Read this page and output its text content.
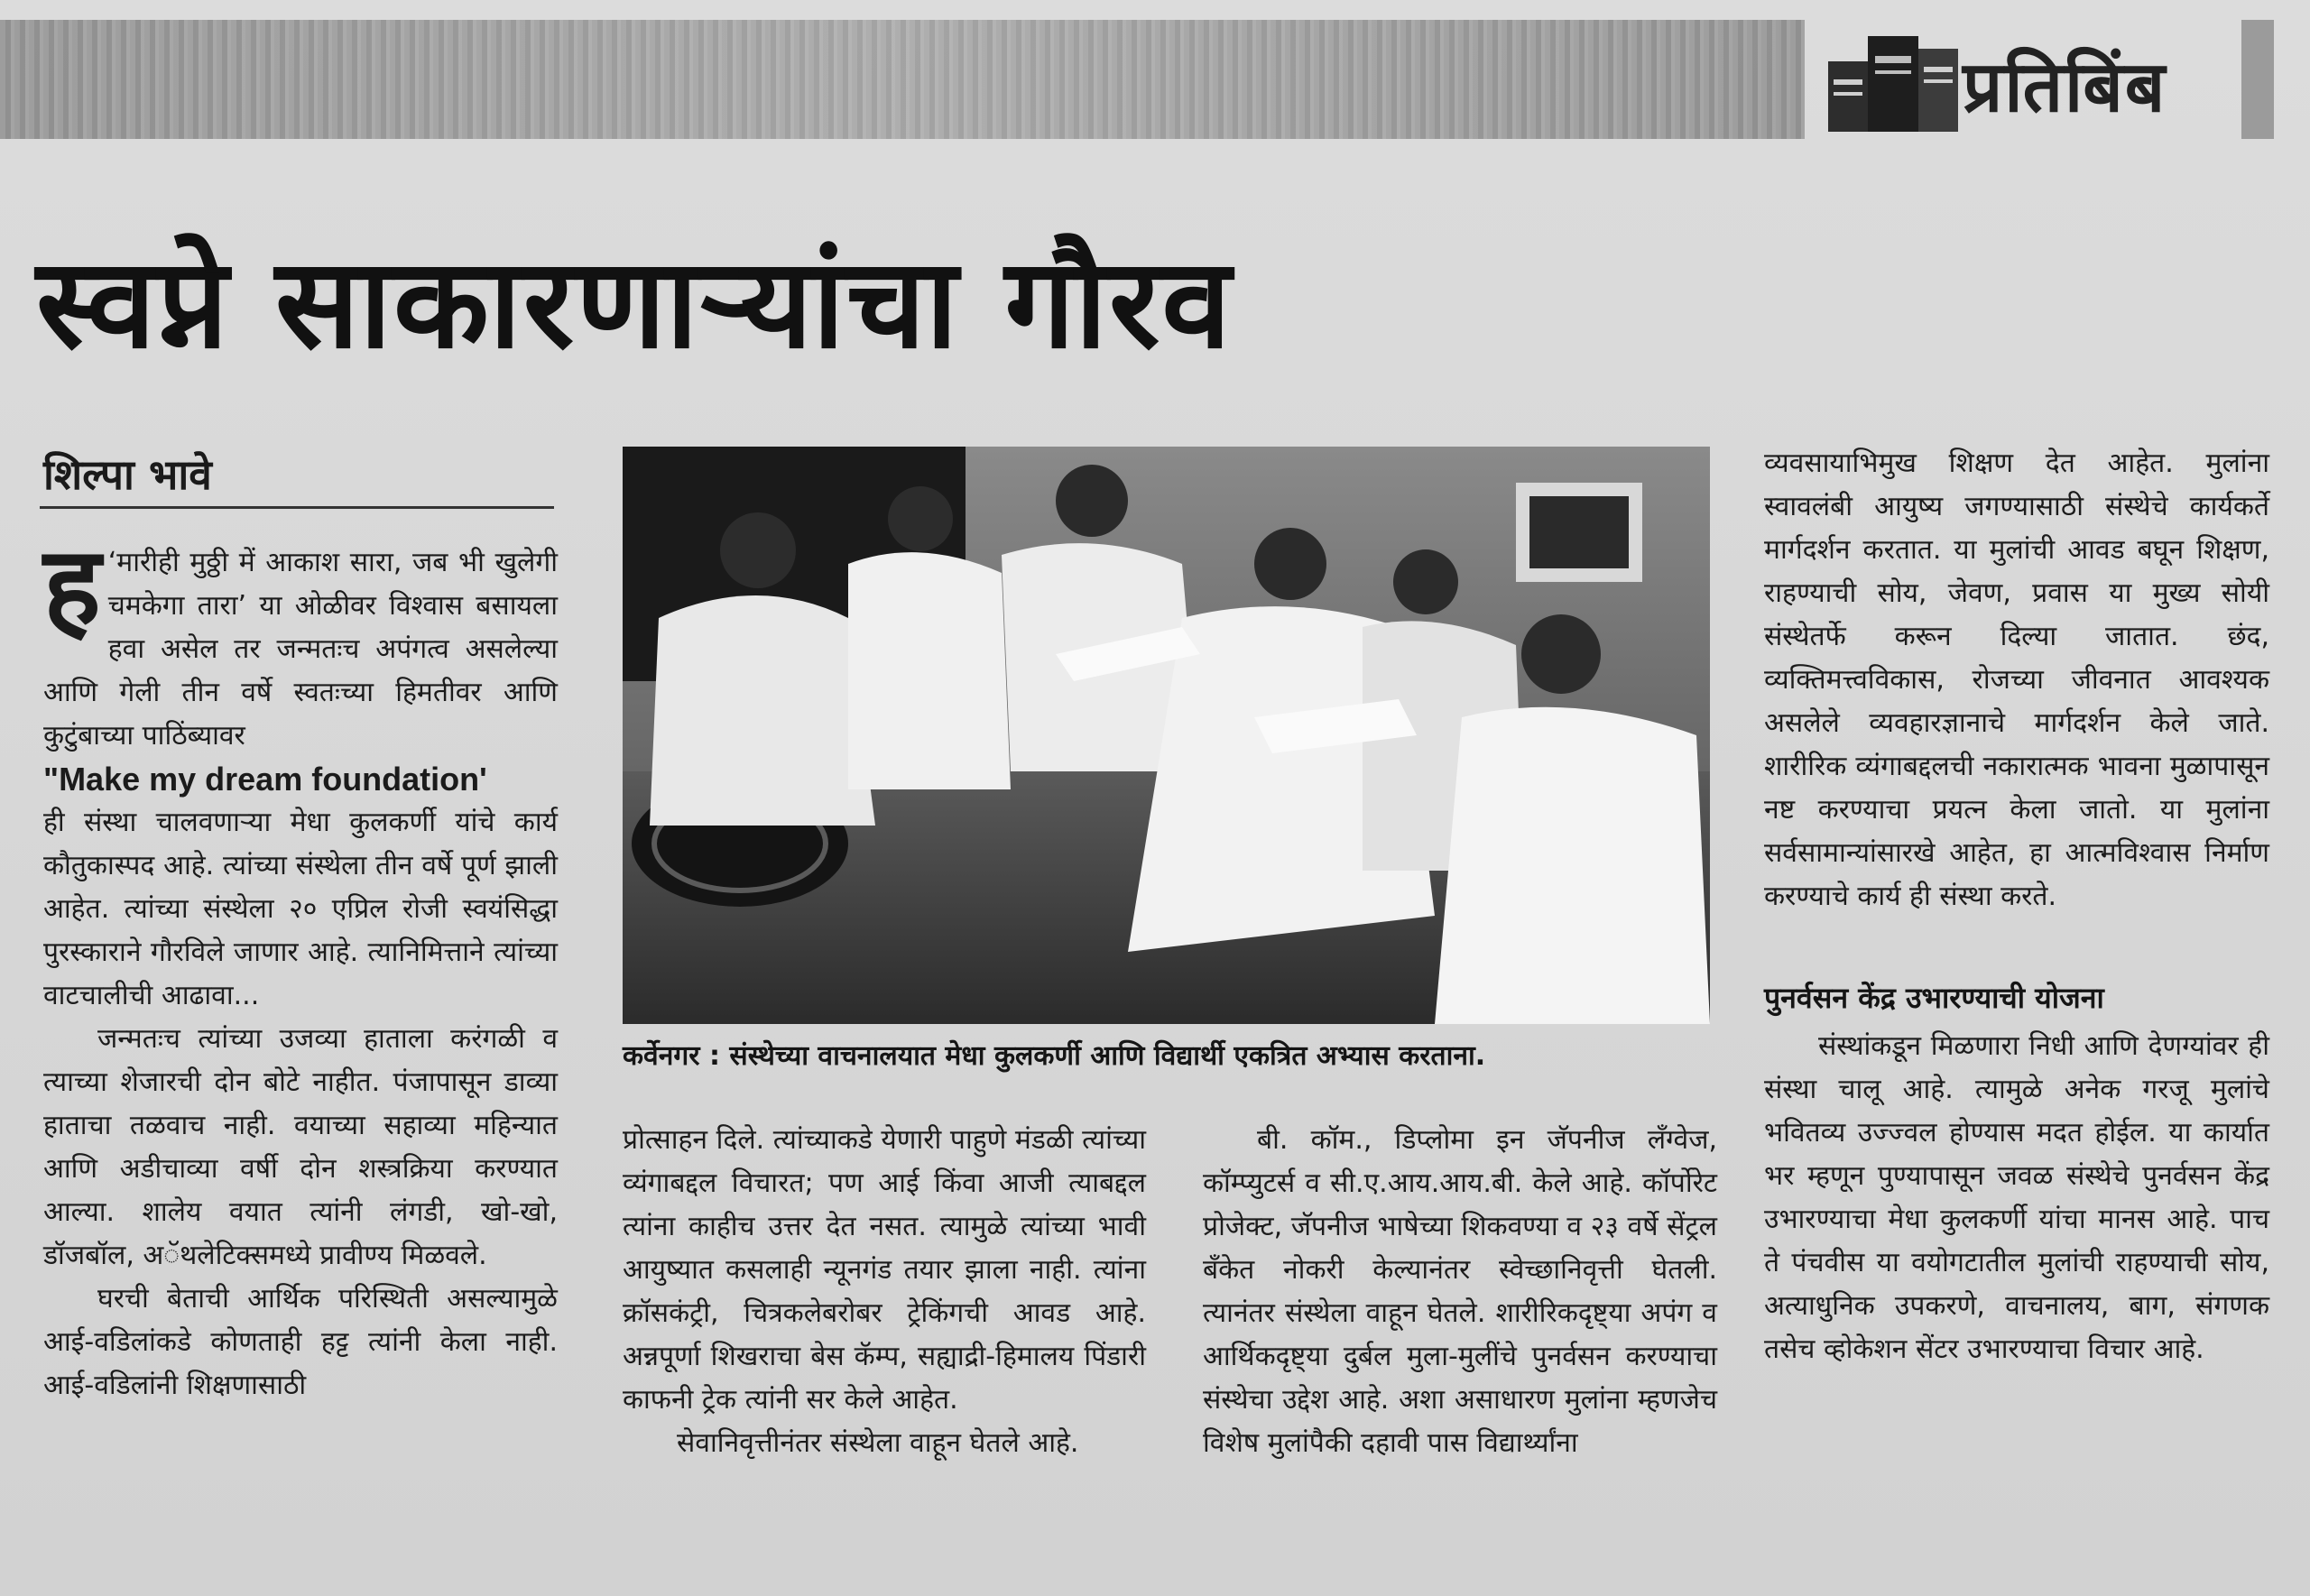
प्रतिबिंब
स्वप्ने साकारणाऱ्यांचा गौरव
शिल्पा भावे

ह ‘मारीही मुठ्ठी में आकाश सारा, जब भी खुलेगी चमकेगा तारा’ या ओळीवर विश्वास बसायला हवा असेल तर जन्मतःच अपंगत्व असलेल्या आणि गेली तीन वर्षे स्वतःच्या हिमतीवर आणि कुटुंबाच्या पाठिंब्यावर
"Make my dream foundation'
ही संस्था चालवणाऱ्या मेधा कुलकर्णी यांचे कार्य कौतुकास्पद आहे. त्यांच्या संस्थेला तीन वर्षे पूर्ण झाली आहेत. त्यांच्या संस्थेला २० एप्रिल रोजी स्वयंसिद्धा पुरस्काराने गौरविले जाणार आहे. त्यानिमित्ताने त्यांच्या वाटचालीची आढावा...

जन्मतःच त्यांच्या उजव्या हाताला करंगळी व त्याच्या शेजारची दोन बोटे नाहीत. पंजापासून डाव्या हाताचा तळवाच नाही. वयाच्या सहाव्या महिन्यात आणि अडीचाव्या वर्षी दोन शस्त्रक्रिया करण्यात आल्या. शालेय वयात त्यांनी लंगडी, खो-खो, डॉजबॉल, अॅथलेटिक्समध्ये प्रावीण्य मिळवले.

घरची बेताची आर्थिक परिस्थिती असल्यामुळे आई-वडिलांकडे कोणताही हट्ट त्यांनी केला नाही. आई-वडिलांनी शिक्षणासाठी

कर्वेनगर : संस्थेच्या वाचनालयात मेधा कुलकर्णी आणि विद्यार्थी एकत्रित अभ्यास करताना.

प्रोत्साहन दिले. त्यांच्याकडे येणारी पाहुणे मंडळी त्यांच्या व्यंगाबद्दल विचारत; पण आई किंवा आजी त्याबद्दल त्यांना काहीच उत्तर देत नसत. त्यामुळे त्यांच्या भावी आयुष्यात कसलाही न्यूनगंड तयार झाला नाही. त्यांना क्रॉसकंट्री, चित्रकलेबरोबर ट्रेकिंगची आवड आहे. अन्नपूर्णा शिखराचा बेस कॅम्प, सह्याद्री-हिमालय पिंडारी काफनी ट्रेक त्यांनी सर केले आहेत.

सेवानिवृत्तीनंतर संस्थेला वाहून घेतले आहे.

बी. कॉम., डिप्लोमा इन जॅपनीज लँग्वेज, कॉम्प्युटर्स व सी.ए.आय.आय.बी. केले आहे. कॉर्पोरेट प्रोजेक्ट, जॅपनीज भाषेच्या शिकवण्या व २३ वर्षे सेंट्रल बँकेत नोकरी केल्यानंतर स्वेच्छानिवृत्ती घेतली. त्यानंतर संस्थेला वाहून घेतले. शारीरिकदृष्ट्या अपंग व आर्थिकदृष्ट्या दुर्बल मुला-मुलींचे पुनर्वसन करण्याचा संस्थेचा उद्देश आहे. अशा असाधारण मुलांना म्हणजेच विशेष मुलांपैकी दहावी पास विद्यार्थ्यांना

व्यवसायाभिमुख शिक्षण देत आहेत. मुलांना स्वावलंबी आयुष्य जगण्यासाठी संस्थेचे कार्यकर्ते मार्गदर्शन करतात. या मुलांची आवड बघून शिक्षण, राहण्याची सोय, जेवण, प्रवास या मुख्य सोयी संस्थेतर्फे करून दिल्या जातात. छंद, व्यक्तिमत्त्वविकास, रोजच्या जीवनात आवश्यक असलेले व्यवहारज्ञानाचे मार्गदर्शन केले जाते. शारीरिक व्यंगाबद्दलची नकारात्मक भावना मुळापासून नष्ट करण्याचा प्रयत्न केला जातो. या मुलांना सर्वसामान्यांसारखे आहेत, हा आत्मविश्वास निर्माण करण्याचे कार्य ही संस्था करते.

पुनर्वसन केंद्र उभारण्याची योजना

संस्थांकडून मिळणारा निधी आणि देणग्यांवर ही संस्था चालू आहे. त्यामुळे अनेक गरजू मुलांचे भवितव्य उज्ज्वल होण्यास मदत होईल. या कार्यात भर म्हणून पुण्यापासून जवळ संस्थेचे पुनर्वसन केंद्र उभारण्याचा मेधा कुलकर्णी यांचा मानस आहे. पाच ते पंचवीस या वयोगटातील मुलांची राहण्याची सोय, अत्याधुनिक उपकरणे, वाचनालय, बाग, संगणक तसेच व्होकेशन सेंटर उभारण्याचा विचार आहे.
